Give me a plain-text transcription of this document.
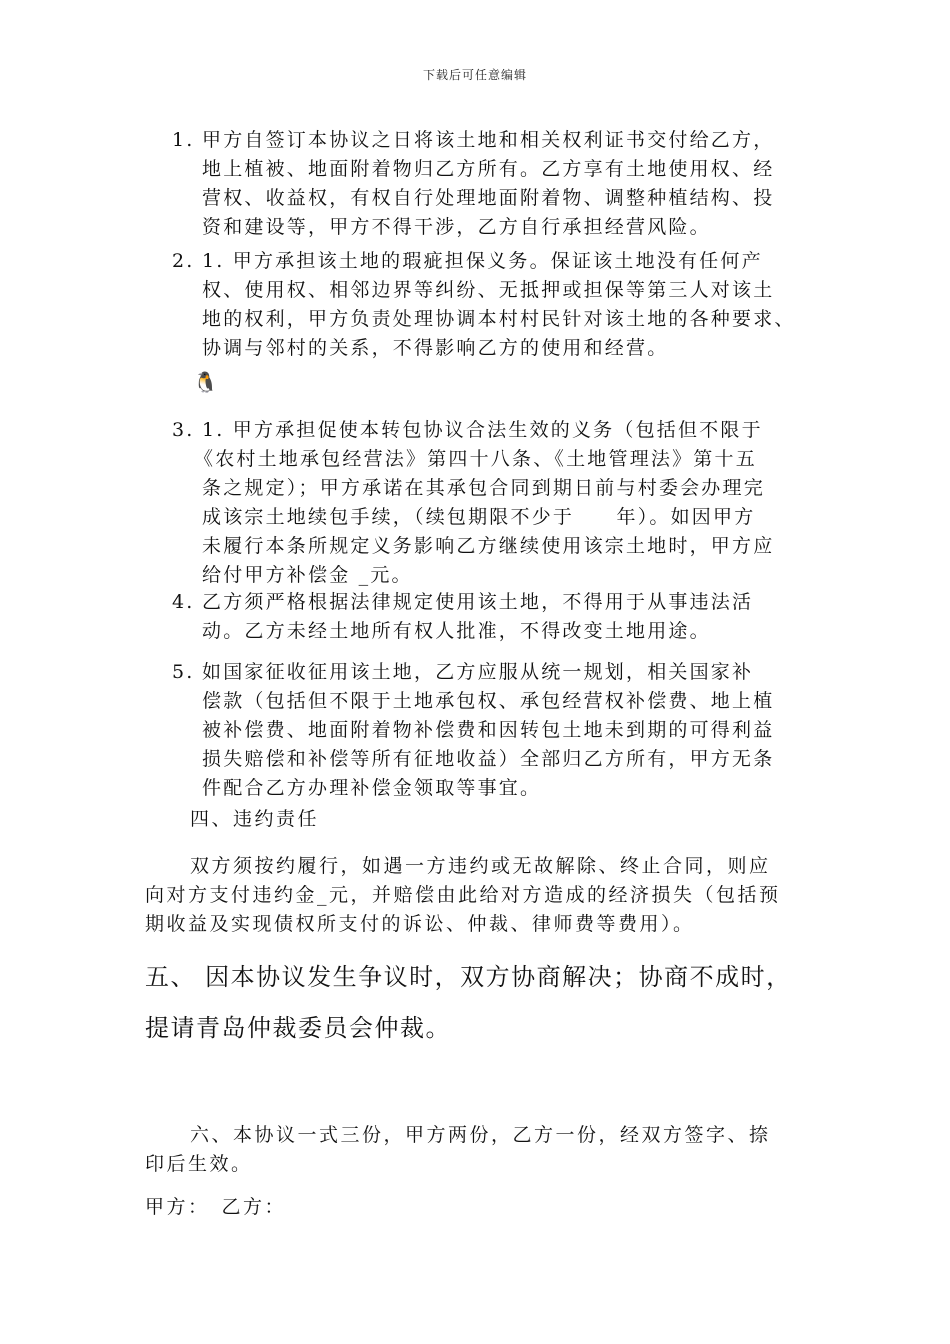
下载后可任意编辑
1. 甲方自签订本协议之日将该土地和相关权利证书交付给乙方，
地上植被、地面附着物归乙方所有。乙方享有土地使用权、经
营权、收益权，有权自行处理地面附着物、调整种植结构、投
资和建设等，甲方不得干涉，乙方自行承担经营风险。
2. 1. 甲方承担该土地的瑕疵担保义务。保证该土地没有任何产
权、使用权、相邻边界等纠纷、无抵押或担保等第三人对该土
地的权利，甲方负责处理协调本村村民针对该土地的各种要求、
协调与邻村的关系，不得影响乙方的使用和经营。
🐧
3. 1. 甲方承担促使本转包协议合法生效的义务（包括但不限于
《农村土地承包经营法》第四十八条、《土地管理法》第十五
条之规定）；甲方承诺在其承包合同到期日前与村委会办理完
成该宗土地续包手续，（续包期限不少于　　年）。如因甲方
未履行本条所规定义务影响乙方继续使用该宗土地时，甲方应
给付甲方补偿金 _元。
4. 乙方须严格根据法律规定使用该土地，不得用于从事违法活
动。乙方未经土地所有权人批准，不得改变土地用途。
5. 如国家征收征用该土地，乙方应服从统一规划，相关国家补
偿款（包括但不限于土地承包权、承包经营权补偿费、地上植
被补偿费、地面附着物补偿费和因转包土地未到期的可得利益
损失赔偿和补偿等所有征地收益）全部归乙方所有，甲方无条
件配合乙方办理补偿金领取等事宜。
四、违约责任
双方须按约履行，如遇一方违约或无故解除、终止合同，则应
向对方支付违约金_元，并赔偿由此给对方造成的经济损失（包括预
期收益及实现债权所支付的诉讼、仲裁、律师费等费用）。
五、 因本协议发生争议时，双方协商解决；协商不成时，
提请青岛仲裁委员会仲裁。
六、本协议一式三份，甲方两份，乙方一份，经双方签字、捺
印后生效。
甲方： 乙方：
